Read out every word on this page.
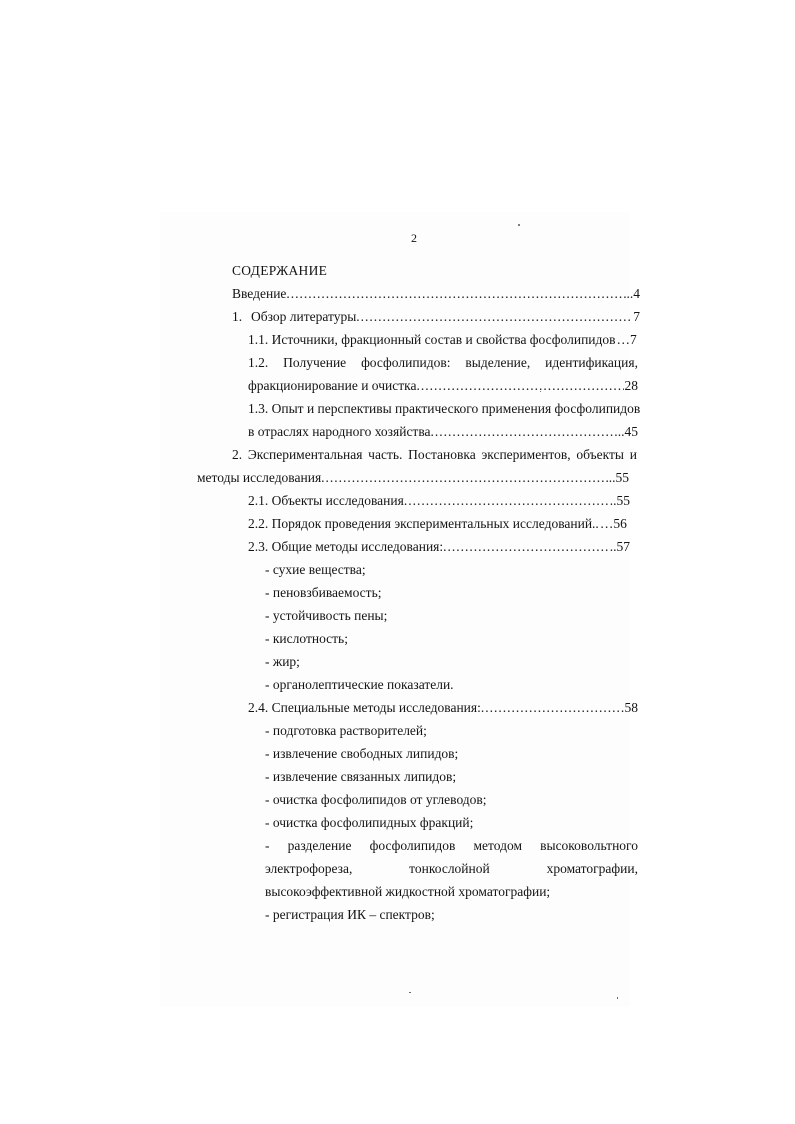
2
СОДЕРЖАНИЕ
Введение .....	..4
1. Обзор литературы .....	7
1.1. Источники, фракционный состав и свойства фосфолипидов …7
1.2. Получение фосфолипидов: выделение, идентификация,
фракционирование и очистка .....	28
1.3. Опыт и перспективы практического применения фосфолипидов
в отраслях народного хозяйства .....	..45
2. Экспериментальная часть. Постановка экспериментов, объекты и
методы исследования .....	..55
2.1. Объекты исследования .....	..55
2.2. Порядок проведения экспериментальных исследований.. …56
2.3. Общие методы исследования: .....	..57
- сухие вещества;
- пеновзбиваемость;
- устойчивость пены;
- кислотность;
- жир;
- органолептические показатели.
2.4. Специальные методы исследования: .....	58
- подготовка растворителей;
- извлечение свободных липидов;
- извлечение связанных липидов;
- очистка фосфолипидов от углеводов;
- очистка фосфолипидных фракций;
- разделение фосфолипидов методом высоковольтного
электрофореза,	тонкослойной	хроматографии,
высокоэффективной жидкостной хроматографии;
- регистрация ИК – спектров;
